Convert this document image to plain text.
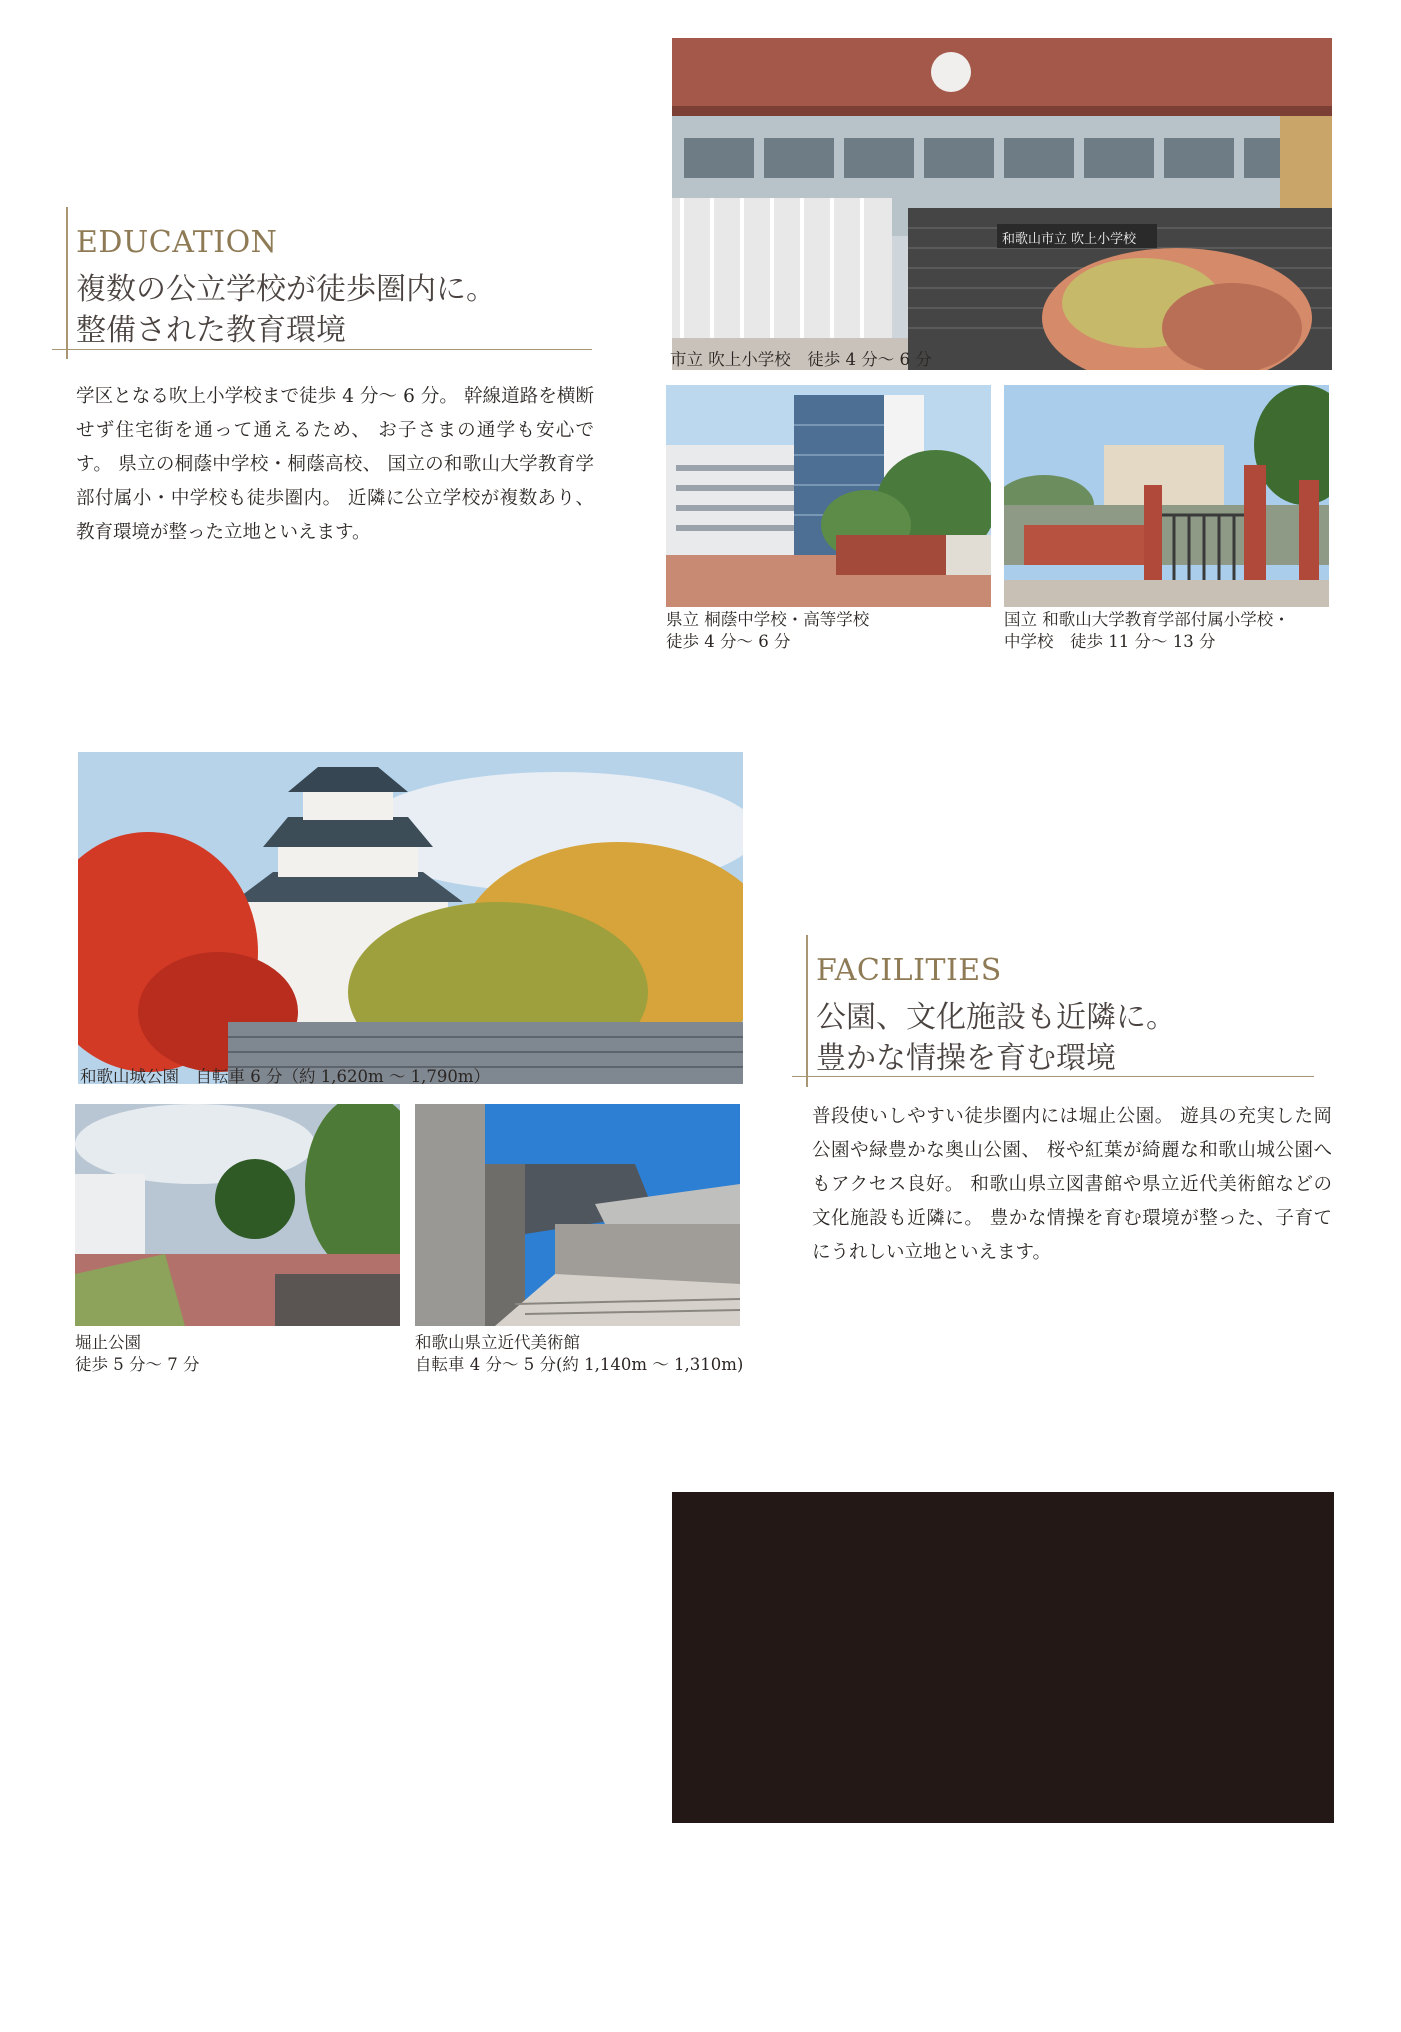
EDUCATION
複数の公立学校が徒歩圏内に。
整備された教育環境
学区となる吹上小学校まで徒歩 4 分～ 6 分。 幹線道路を横断せず住宅街を通って通えるため、 お子さまの通学も安心です。 県立の桐蔭中学校・桐蔭高校、 国立の和歌山大学教育学部付属小・中学校も徒歩圏内。 近隣に公立学校が複数あり、 教育環境が整った立地といえます。
和歌山市立 吹上小学校
市立 吹上小学校　徒歩 4 分～ 6 分
県立 桐蔭中学校・高等学校
徒歩 4 分～ 6 分
国立 和歌山大学教育学部付属小学校・
中学校　徒歩 11 分～ 13 分
和歌山城公園　自転車 6 分（約 1,620m ～ 1,790m）
堀止公園
徒歩 5 分～ 7 分
和歌山県立近代美術館
自転車 4 分～ 5 分(約 1,140m ～ 1,310m)
FACILITIES
公園、文化施設も近隣に。
豊かな情操を育む環境
普段使いしやすい徒歩圏内には堀止公園。 遊具の充実した岡公園や緑豊かな奥山公園、 桜や紅葉が綺麗な和歌山城公園へもアクセス良好。 和歌山県立図書館や県立近代美術館などの文化施設も近隣に。 豊かな情操を育む環境が整った、子育てにうれしい立地といえます。
